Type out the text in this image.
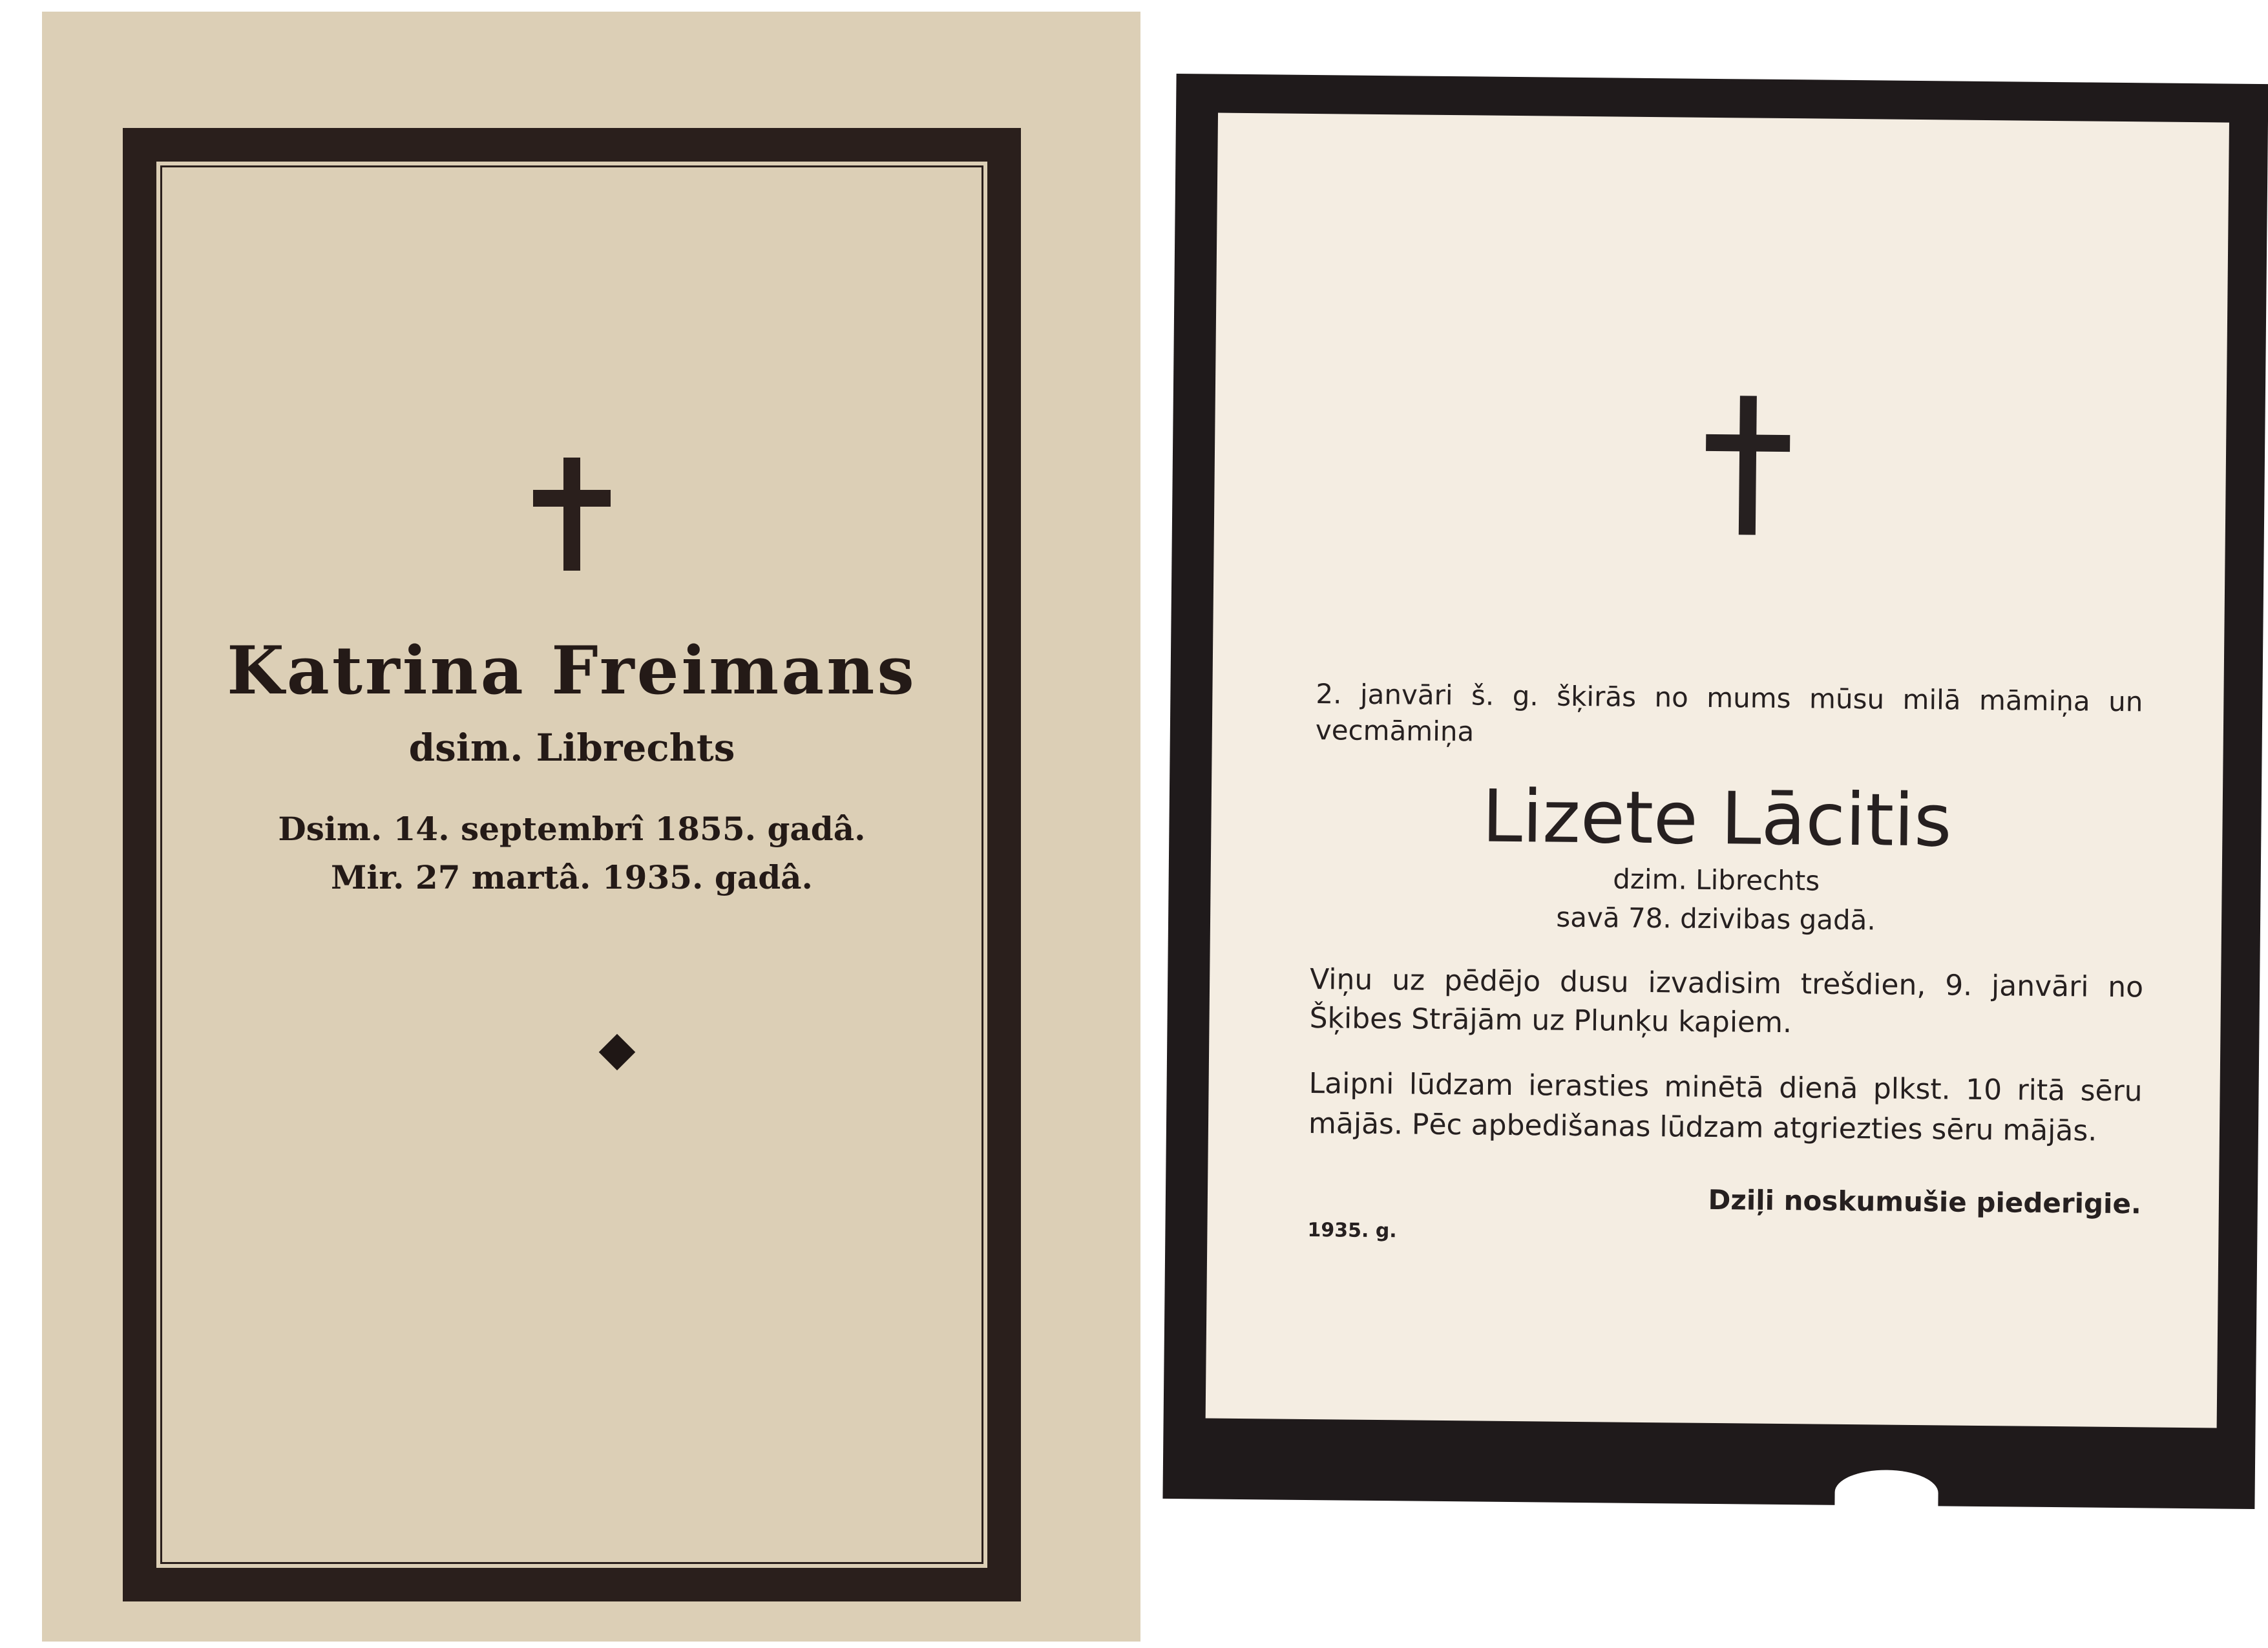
Katrina Freimans
dsim. Librechts
Dsim. 14. septembrî 1855. gadâ.
Mir. 27 martâ. 1935. gadâ.
2. janvāri š. g. šķirās no mums mūsu milā māmiņa un vecmāmiņa
Lizete Lācitis
dzim. Librechts
savā 78. dzivibas gadā.
Viņu uz pēdējo dusu izvadisim trešdien, 9. janvāri no Šķibes Strājām uz Plunķu kapiem.
Laipni lūdzam ierasties minētā dienā plkst. 10 ritā sēru mājās. Pēc apbedišanas lūdzam atgriezties sēru mājās.
Dziļi noskumušie piederigie.
1935. g.
